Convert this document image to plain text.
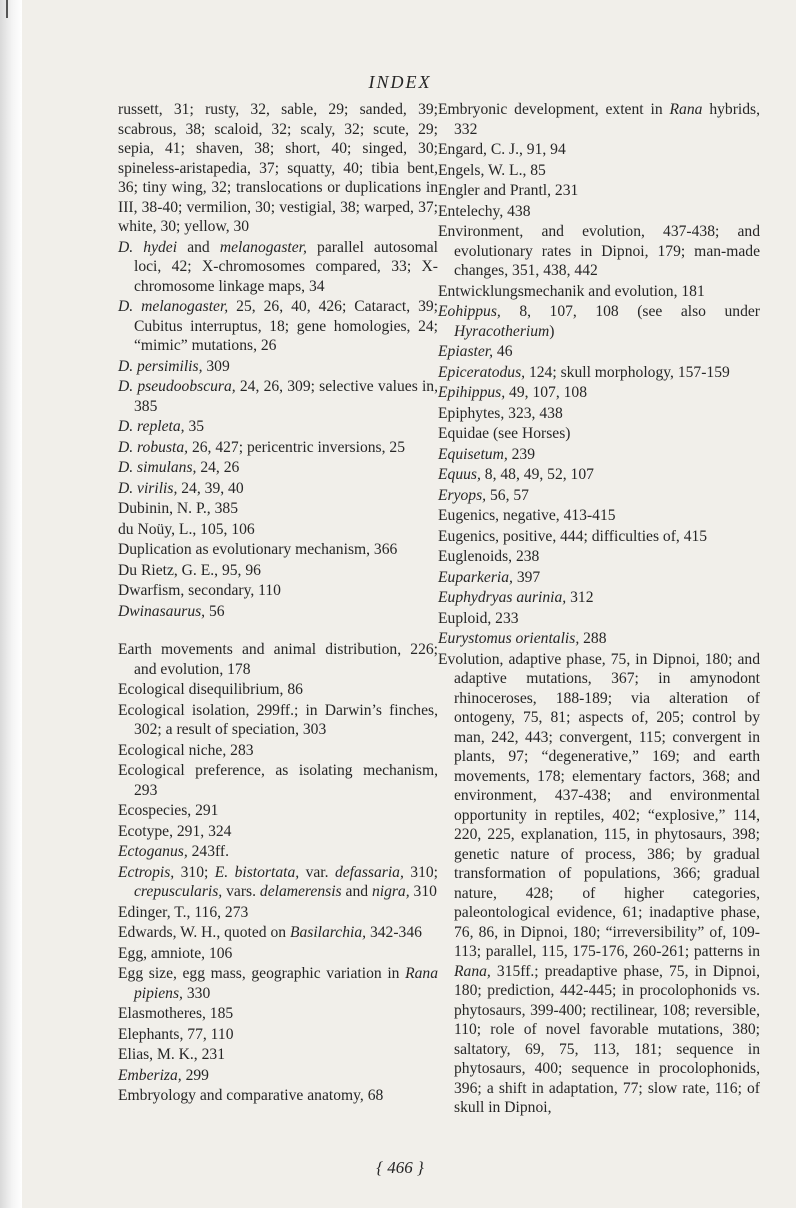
INDEX
russett, 31; rusty, 32, sable, 29; sanded, 39; scabrous, 38; scaloid, 32; scaly, 32; scute, 29; sepia, 41; shaven, 38; short, 40; singed, 30; spineless-aristapedia, 37; squatty, 40; tibia bent, 36; tiny wing, 32; translocations or duplications in III, 38-40; vermilion, 30; vestigial, 38; warped, 37; white, 30; yellow, 30
D. hydei and melanogaster, parallel autosomal loci, 42; X-chromosomes compared, 33; X-chromosome linkage maps, 34
D. melanogaster, 25, 26, 40, 426; Cataract, 39; Cubitus interruptus, 18; gene homologies, 24; “mimic” mutations, 26
D. persimilis, 309
D. pseudoobscura, 24, 26, 309; selective values in, 385
D. repleta, 35
D. robusta, 26, 427; pericentric inversions, 25
D. simulans, 24, 26
D. virilis, 24, 39, 40
Dubinin, N. P., 385
du Noüy, L., 105, 106
Duplication as evolutionary mechanism, 366
Du Rietz, G. E., 95, 96
Dwarfism, secondary, 110
Dwinasaurus, 56
Earth movements and animal distribution, 226; and evolution, 178
Ecological disequilibrium, 86
Ecological isolation, 299ff.; in Darwin’s finches, 302; a result of speciation, 303
Ecological niche, 283
Ecological preference, as isolating mechanism, 293
Ecospecies, 291
Ecotype, 291, 324
Ectoganus, 243ff.
Ectropis, 310; E. bistortata, var. defassaria, 310; crepuscularis, vars. delamerensis and nigra, 310
Edinger, T., 116, 273
Edwards, W. H., quoted on Basilarchia, 342-346
Egg, amniote, 106
Egg size, egg mass, geographic variation in Rana pipiens, 330
Elasmotheres, 185
Elephants, 77, 110
Elias, M. K., 231
Emberiza, 299
Embryology and comparative anatomy, 68
Embryonic development, extent in Rana hybrids, 332
Engard, C. J., 91, 94
Engels, W. L., 85
Engler and Prantl, 231
Entelechy, 438
Environment, and evolution, 437-438; and evolutionary rates in Dipnoi, 179; man-made changes, 351, 438, 442
Entwicklungsmechanik and evolution, 181
Eohippus, 8, 107, 108 (see also under Hyracotherium)
Epiaster, 46
Epiceratodus, 124; skull morphology, 157-159
Epihippus, 49, 107, 108
Epiphytes, 323, 438
Equidae (see Horses)
Equisetum, 239
Equus, 8, 48, 49, 52, 107
Eryops, 56, 57
Eugenics, negative, 413-415
Eugenics, positive, 444; difficulties of, 415
Euglenoids, 238
Euparkeria, 397
Euphydryas aurinia, 312
Euploid, 233
Eurystomus orientalis, 288
Evolution, adaptive phase, 75, in Dipnoi, 180; and adaptive mutations, 367; in amynodont rhinoceroses, 188-189; via alteration of ontogeny, 75, 81; aspects of, 205; control by man, 242, 443; convergent, 115; convergent in plants, 97; “degenerative,” 169; and earth movements, 178; elementary factors, 368; and environment, 437-438; and environmental opportunity in reptiles, 402; “explosive,” 114, 220, 225, explanation, 115, in phytosaurs, 398; genetic nature of process, 386; by gradual transformation of populations, 366; gradual nature, 428; of higher categories, paleontological evidence, 61; inadaptive phase, 76, 86, in Dipnoi, 180; “irreversibility” of, 109-113; parallel, 115, 175-176, 260-261; patterns in Rana, 315ff.; preadaptive phase, 75, in Dipnoi, 180; prediction, 442-445; in procolophonids vs. phytosaurs, 399-400; rectilinear, 108; reversible, 110; role of novel favorable mutations, 380; saltatory, 69, 75, 113, 181; sequence in phytosaurs, 400; sequence in procolophonids, 396; a shift in adaptation, 77; slow rate, 116; of skull in Dipnoi,
{ 466 }
